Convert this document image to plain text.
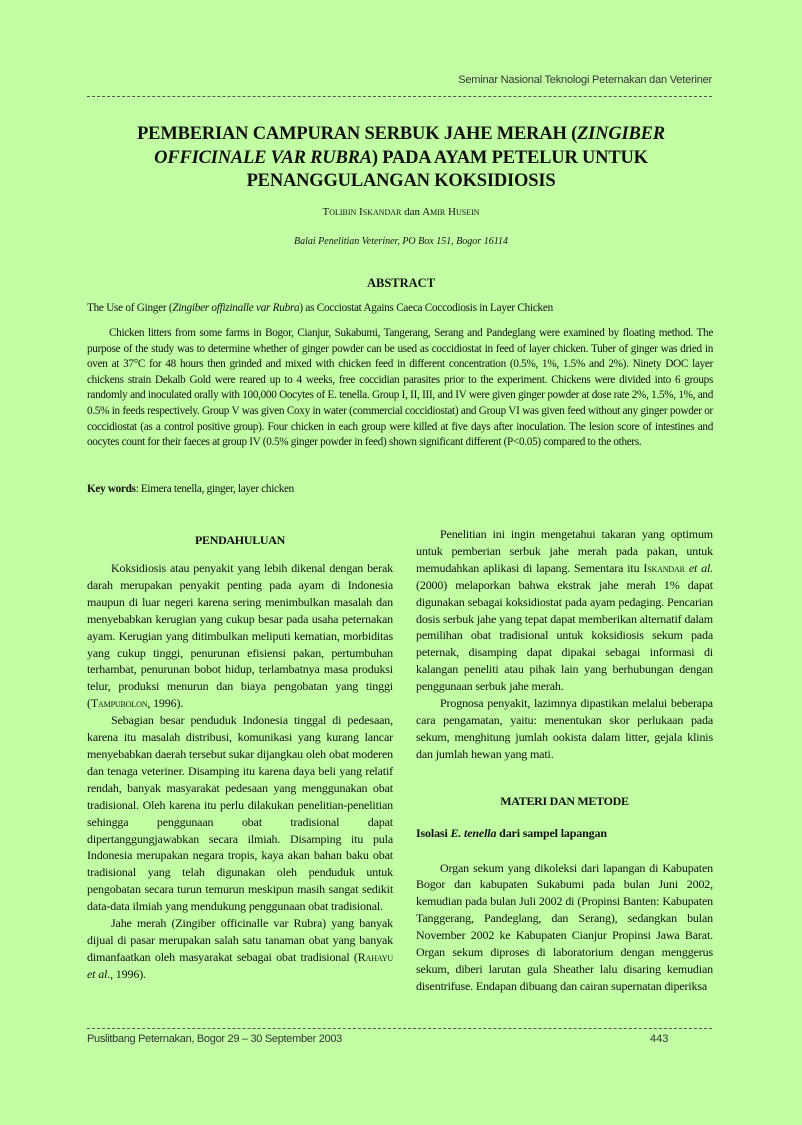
Seminar Nasional Teknologi Peternakan dan Veteriner
PEMBERIAN CAMPURAN SERBUK JAHE MERAH (ZINGIBER
OFFICINALE VAR RUBRA) PADA AYAM PETELUR UNTUK
PENANGGULANGAN KOKSIDIOSIS
Tolibin Iskandar dan Amir Husein
Balai Penelitian Veteriner, PO Box 151, Bogor 16114
ABSTRACT
The Use of Ginger (Zingiber offizinalle var Rubra) as Cocciostat Agains Caeca Coccodiosis in Layer Chicken
Chicken litters from some farms in Bogor, Cianjur, Sukabumi, Tangerang, Serang and Pandeglang were examined by floating method. The purpose of the study was to determine whether of ginger powder can be used as coccidiostat in feed of layer chicken. Tuber of ginger was dried in oven at 37°C for 48 hours then grinded and mixed with chicken feed in different concentration (0.5%, 1%, 1.5% and 2%). Ninety DOC layer chickens strain Dekalb Gold were reared up to 4 weeks, free coccidian parasites prior to the experiment. Chickens were divided into 6 groups randomly and inoculated orally with 100,000 Oocytes of E. tenella. Group I, II, III, and IV were given ginger powder at dose rate 2%, 1.5%, 1%, and 0.5% in feeds respectively. Group V was given Coxy in water (commercial coccidiostat) and Group VI was given feed without any ginger powder or coccidiostat (as a control positive group). Four chicken in each group were killed at five days after inoculation. The lesion score of intestines and oocytes count for their faeces at group IV (0.5% ginger powder in feed) shown significant different (P<0.05) compared to the others.
Key words: Eimera tenella, ginger, layer chicken
PENDAHULUAN

Koksidiosis atau penyakit yang lebih dikenal dengan berak darah merupakan penyakit penting pada ayam di Indonesia maupun di luar negeri karena sering menimbulkan masalah dan menyebabkan kerugian yang cukup besar pada usaha peternakan ayam. Kerugian yang ditimbulkan meliputi kematian, morbiditas yang cukup tinggi, penurunan efisiensi pakan, pertumbuhan terhambat, penurunan bobot hidup, terlambatnya masa produksi telur, produksi menurun dan biaya pengobatan yang tinggi (Tampubolon, 1996).

Sebagian besar penduduk Indonesia tinggal di pedesaan, karena itu masalah distribusi, komunikasi yang kurang lancar menyebabkan daerah tersebut sukar dijangkau oleh obat moderen dan tenaga veteriner. Disamping itu karena daya beli yang relatif rendah, banyak masyarakat pedesaan yang menggunakan obat tradisional. Oleh karena itu perlu dilakukan penelitian-penelitian sehingga penggunaan obat tradisional dapat dipertanggungjawabkan secara ilmiah. Disamping itu pula Indonesia merupakan negara tropis, kaya akan bahan baku obat tradisional yang telah digunakan oleh penduduk untuk pengobatan secara turun temurun meskipun masih sangat sedikit data-data ilmiah yang mendukung penggunaan obat tradisional.

Jahe merah (Zingiber officinalle var Rubra) yang banyak dijual di pasar merupakan salah satu tanaman obat yang banyak dimanfaatkan oleh masyarakat sebagai obat tradisional (Rahayu et al., 1996).

Penelitian ini ingin mengetahui takaran yang optimum untuk pemberian serbuk jahe merah pada pakan, untuk memudahkan aplikasi di lapang. Sementara itu Iskandar et al. (2000) melaporkan bahwa ekstrak jahe merah 1% dapat digunakan sebagai koksidiostat pada ayam pedaging. Pencarian dosis serbuk jahe yang tepat dapat memberikan alternatif dalam pemilihan obat tradisional untuk koksidiosis sekum pada peternak, disamping dapat dipakai sebagai informasi di kalangan peneliti atau pihak lain yang berhubungan dengan penggunaan serbuk jahe merah.

Prognosa penyakit, lazimnya dipastikan melalui beberapa cara pengamatan, yaitu: menentukan skor perlukaan pada sekum, menghitung jumlah ookista dalam litter, gejala klinis dan jumlah hewan yang mati.

MATERI DAN METODE
Isolasi E. tenella dari sampel lapangan

Organ sekum yang dikoleksi dari lapangan di Kabupaten Bogor dan kabupaten Sukabumi pada bulan Juni 2002, kemudian pada bulan Juli 2002 di (Propinsi Banten: Kabupaten Tanggerang, Pandeglang, dan Serang), sedangkan bulan November 2002 ke Kabupaten Cianjur Propinsi Jawa Barat. Organ sekum diproses di laboratorium dengan menggerus sekum, diberi larutan gula Sheather lalu disaring kemudian disentrifuse. Endapan dibuang dan cairan supernatan diperiksa

Puslitbang Peternakan, Bogor 29 – 30 September 2003	443
